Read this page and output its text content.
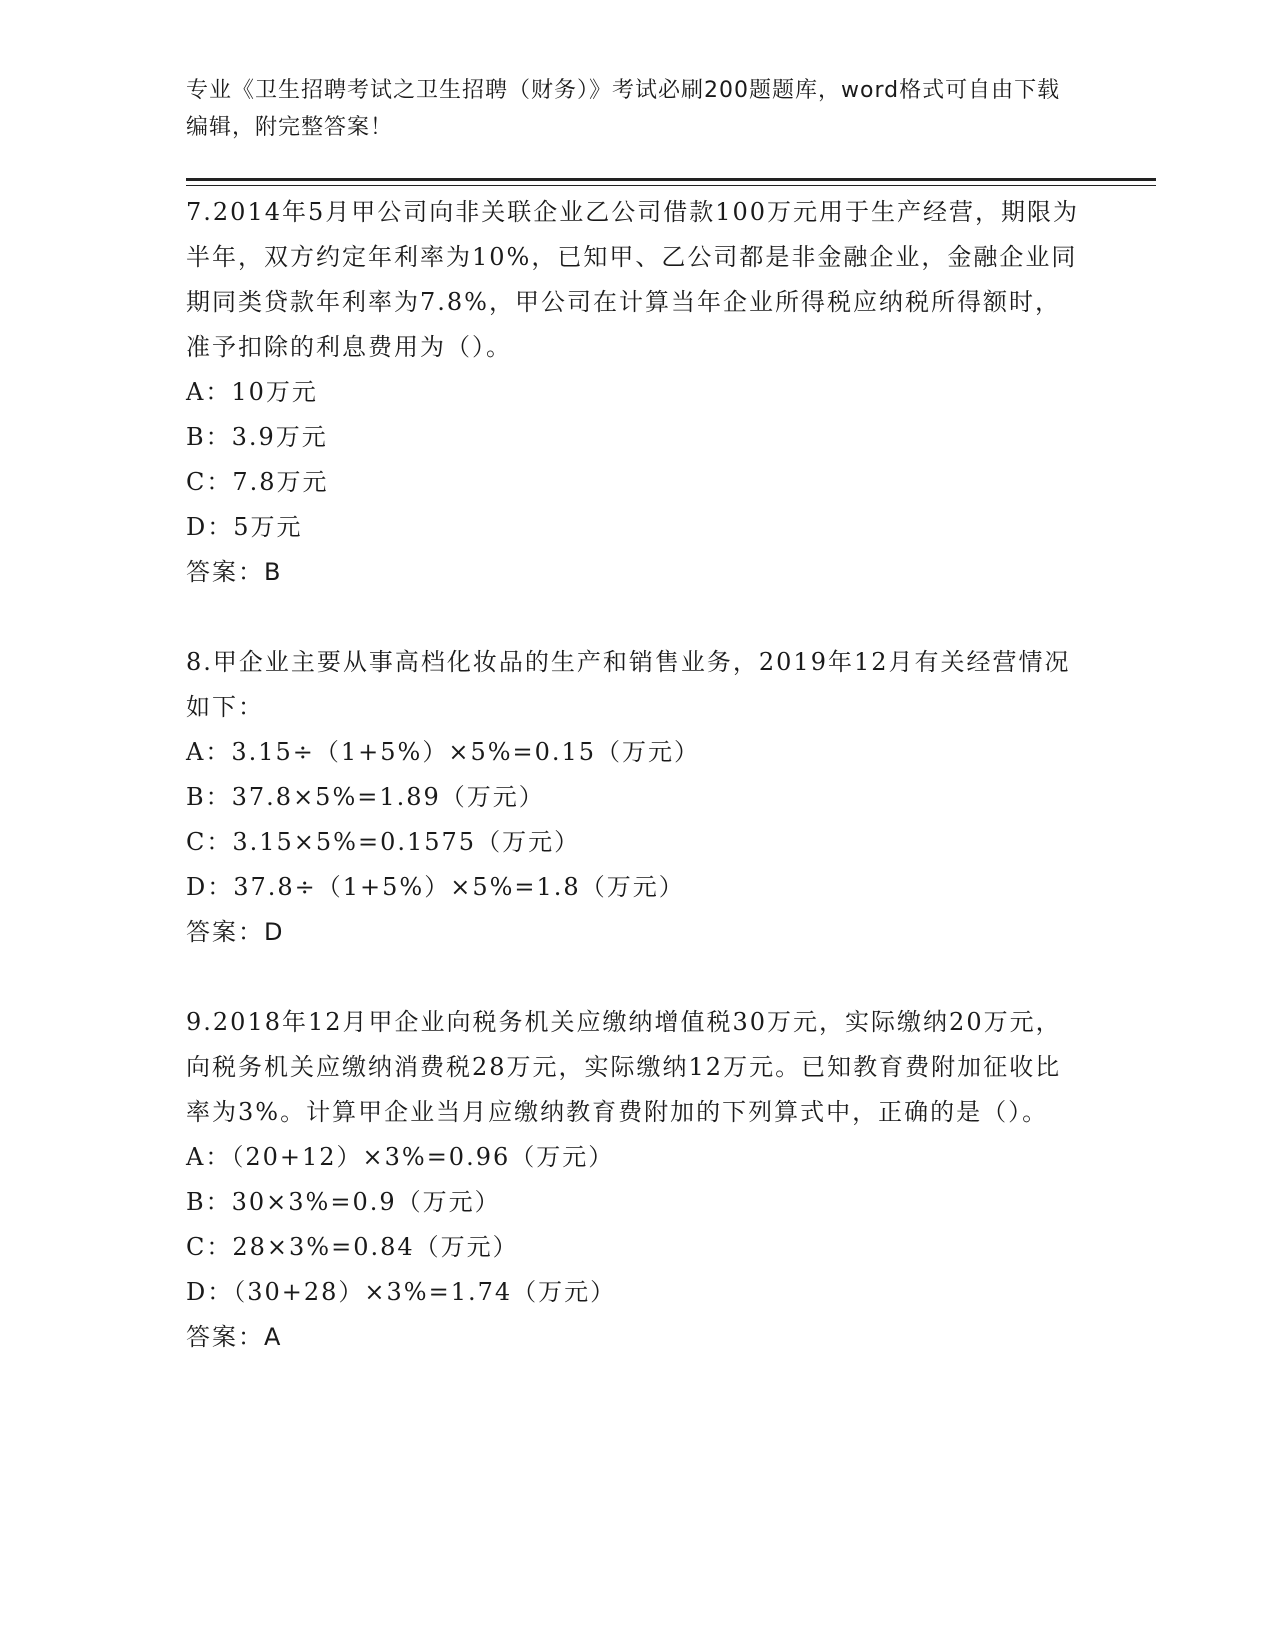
专业《卫生招聘考试之卫生招聘（财务）》考试必刷200题题库，word格式可自由下载编辑，附完整答案！
7.2014年5月甲公司向非关联企业乙公司借款100万元用于生产经营，期限为半年，双方约定年利率为10%，已知甲、乙公司都是非金融企业，金融企业同期同类贷款年利率为7.8%，甲公司在计算当年企业所得税应纳税所得额时，准予扣除的利息费用为（）。
A：10万元
B：3.9万元
C：7.8万元
D：5万元
答案：B
8.甲企业主要从事高档化妆品的生产和销售业务，2019年12月有关经营情况如下：
A：3.15÷（1+5%）×5%=0.15（万元）
B：37.8×5%=1.89（万元）
C：3.15×5%=0.1575（万元）
D：37.8÷（1+5%）×5%=1.8（万元）
答案：D
9.2018年12月甲企业向税务机关应缴纳增值税30万元，实际缴纳20万元，向税务机关应缴纳消费税28万元，实际缴纳12万元。已知教育费附加征收比率为3%。计算甲企业当月应缴纳教育费附加的下列算式中，正确的是（）。
A：（20+12）×3%=0.96（万元）
B：30×3%=0.9（万元）
C：28×3%=0.84（万元）
D：（30+28）×3%=1.74（万元）
答案：A
